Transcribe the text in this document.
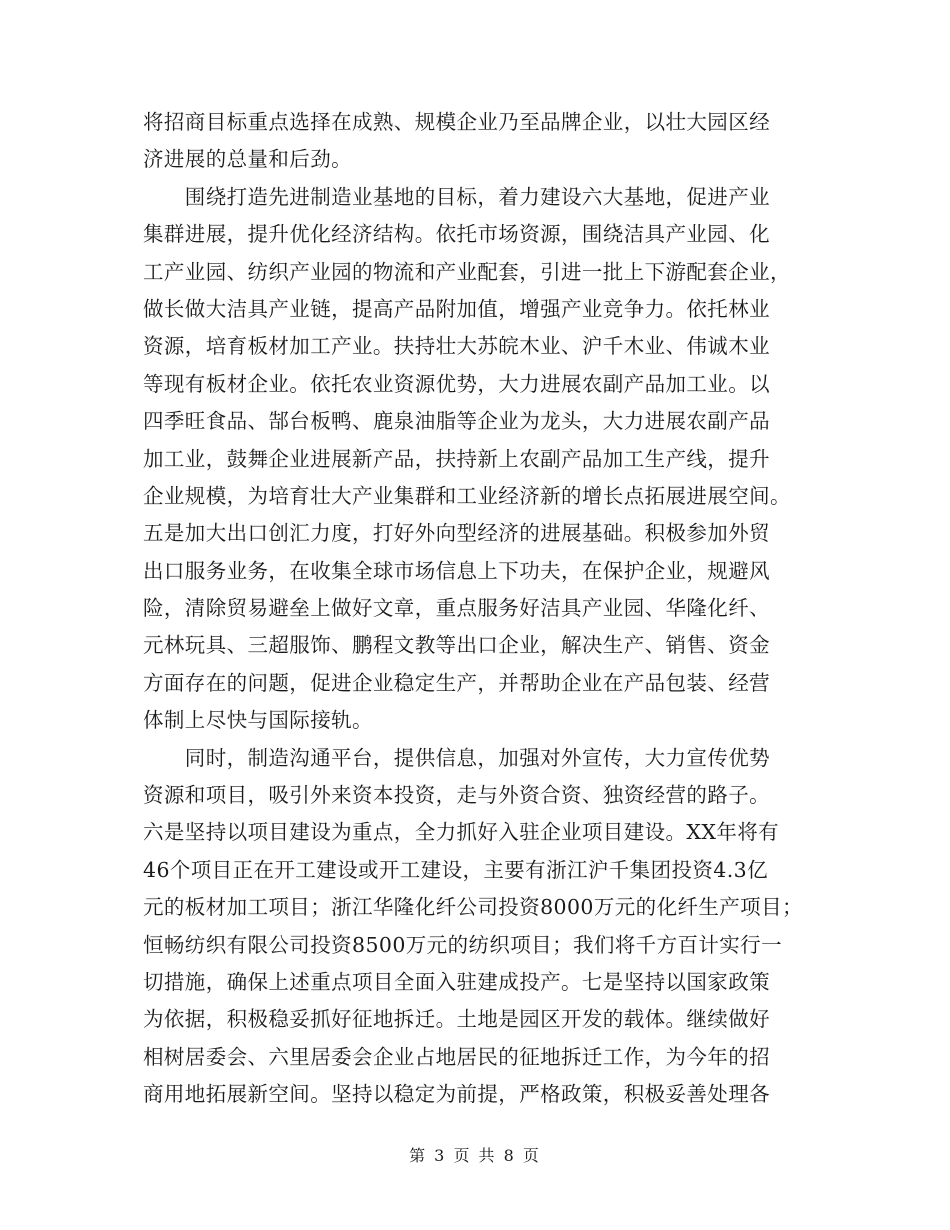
将招商目标重点选择在成熟、规模企业乃至品牌企业，以壮大园区经
济进展的总量和后劲。
　　围绕打造先进制造业基地的目标，着力建设六大基地，促进产业
集群进展，提升优化经济结构。依托市场资源，围绕洁具产业园、化
工产业园、纺织产业园的物流和产业配套，引进一批上下游配套企业，
做长做大洁具产业链，提高产品附加值，增强产业竞争力。依托林业
资源，培育板材加工产业。扶持壮大苏皖木业、沪千木业、伟诚木业
等现有板材企业。依托农业资源优势，大力进展农副产品加工业。以
四季旺食品、郜台板鸭、鹿泉油脂等企业为龙头，大力进展农副产品
加工业，鼓舞企业进展新产品，扶持新上农副产品加工生产线，提升
企业规模，为培育壮大产业集群和工业经济新的增长点拓展进展空间。
五是加大出口创汇力度，打好外向型经济的进展基础。积极参加外贸
出口服务业务，在收集全球市场信息上下功夫，在保护企业，规避风
险，清除贸易避垒上做好文章，重点服务好洁具产业园、华隆化纤、
元林玩具、三超服饰、鹏程文教等出口企业，解决生产、销售、资金
方面存在的问题，促进企业稳定生产，并帮助企业在产品包装、经营
体制上尽快与国际接轨。
　　同时，制造沟通平台，提供信息，加强对外宣传，大力宣传优势
资源和项目，吸引外来资本投资，走与外资合资、独资经营的路子。
六是坚持以项目建设为重点，全力抓好入驻企业项目建设。XX年将有
46个项目正在开工建设或开工建设，主要有浙江沪千集团投资4.3亿
元的板材加工项目；浙江华隆化纤公司投资8000万元的化纤生产项目；
恒畅纺织有限公司投资8500万元的纺织项目；我们将千方百计实行一
切措施，确保上述重点项目全面入驻建成投产。七是坚持以国家政策
为依据，积极稳妥抓好征地拆迁。土地是园区开发的载体。继续做好
相树居委会、六里居委会企业占地居民的征地拆迁工作，为今年的招
商用地拓展新空间。坚持以稳定为前提，严格政策，积极妥善处理各
第 3 页 共 8 页
